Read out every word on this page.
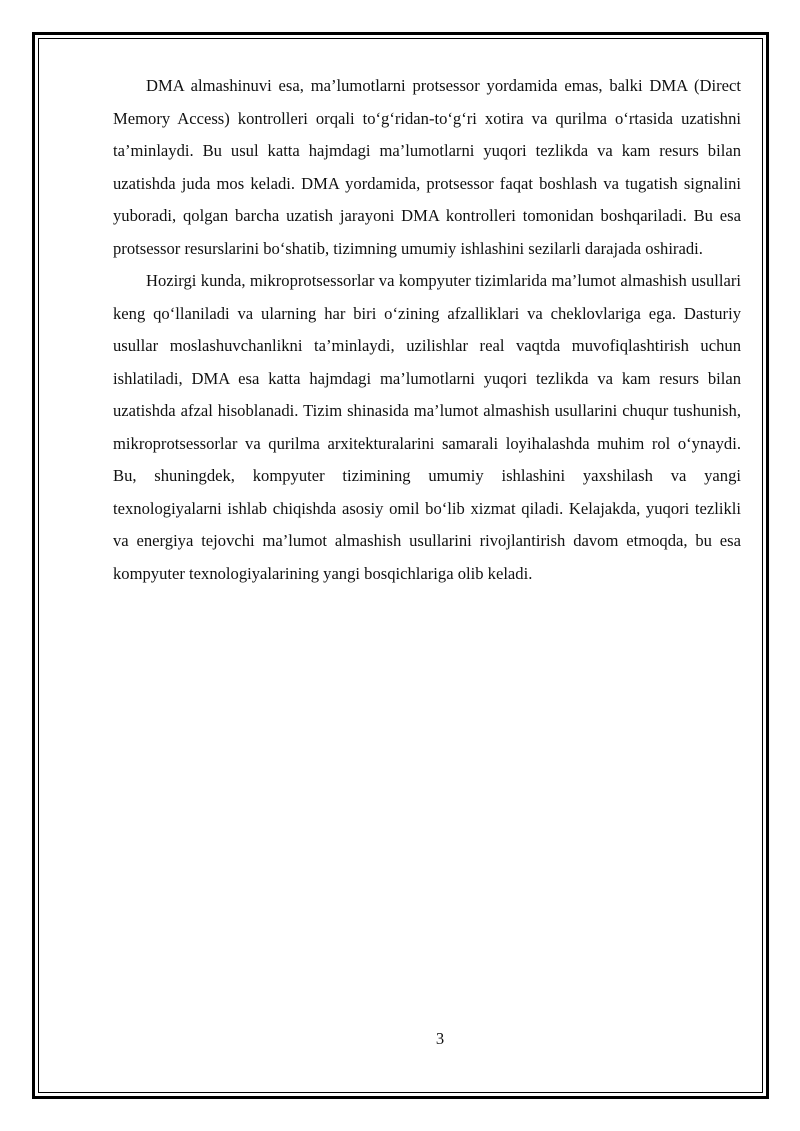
DMA almashinuvi esa, ma’lumotlarni protsessor yordamida emas, balki DMA (Direct Memory Access) kontrolleri orqali to‘g‘ridan-to‘g‘ri xotira va qurilma o‘rtasida uzatishni ta’minlaydi. Bu usul katta hajmdagi ma’lumotlarni yuqori tezlikda va kam resurs bilan uzatishda juda mos keladi. DMA yordamida, protsessor faqat boshlash va tugatish signalini yuboradi, qolgan barcha uzatish jarayoni DMA kontrolleri tomonidan boshqariladi. Bu esa protsessor resurslarini bo‘shatib, tizimning umumiy ishlashini sezilarli darajada oshiradi.

Hozirgi kunda, mikroprotsessorlar va kompyuter tizimlarida ma’lumot almashish usullari keng qo‘llaniladi va ularning har biri o‘zining afzalliklari va cheklovlariga ega. Dasturiy usullar moslashuvchanlikni ta’minlaydi, uzilishlar real vaqtda muvofiqlashtirish uchun ishlatiladi, DMA esa katta hajmdagi ma’lumotlarni yuqori tezlikda va kam resurs bilan uzatishda afzal hisoblanadi. Tizim shinasida ma’lumot almashish usullarini chuqur tushunish, mikroprotsessorlar va qurilma arxitekturalarini samarali loyihalashda muhim rol o‘ynaydi. Bu, shuningdek, kompyuter tizimining umumiy ishlashini yaxshilash va yangi texnologiyalarni ishlab chiqishda asosiy omil bo‘lib xizmat qiladi. Kelajakda, yuqori tezlikli va energiya tejovchi ma’lumot almashish usullarini rivojlantirish davom etmoqda, bu esa kompyuter texnologiyalarining yangi bosqichlariga olib keladi.

3
